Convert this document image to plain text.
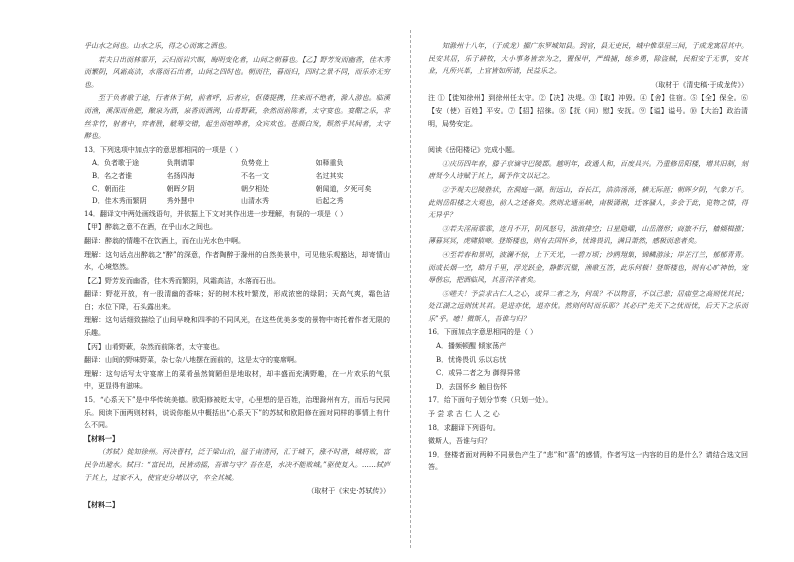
乎山水之间也。山水之乐，得之心而寓之酒也。
若夫日出而林霏开，云归而岩穴暝，晦明变化者，山间之朝暮也。【乙】野芳发而幽香，佳木秀而繁阴，风霜高洁，水落而石出者，山间之四时也。朝而往，暮而归，四时之景不同，而乐亦无穷也。
至于负者歌于途，行者休于树，前者呼，后者应，伛偻提携，往来而不绝者，滁人游也。临溪而渔，溪深而鱼肥，酿泉为酒，泉香而酒洌，山肴野蔌，杂然而前陈者，太守宴也。宴酣之乐，非丝非竹，射者中，弈者胜，觥筹交错，起坐而喧哗者，众宾欢也。苍颜白发，颓然乎其间者，太守醉也。
13．下列选项中加点字的意思都相同的一项是（ ）
A．负者歌于途	负荆请罪	负势竞上	如释重负
B．名之者谁	名扬四海	不名一文	名过其实
C．朝而往	朝晖夕阴	朝夕相处	朝闻道，夕死可矣
D．佳木秀而繁阴	秀外慧中	山清水秀	后起之秀
14．翻译文中两处画线语句，并依据上下文对其作出进一步理解，有误的一项是（ ）
【甲】醉翁之意不在酒，在乎山水之间也。
翻译：醉翁的情趣不在饮酒上，而在山光水色中啊。
理解：这句话点出醉翁之“醉”的深意，作者陶醉于滁州的自然美景中，可见他乐观豁达，却寄情山水，心境悠然。
【乙】野芳发而幽香，佳木秀而繁阴，风霜高洁，水落而石出。
翻译：野花开放，有一股清幽的香味；好的树木枝叶繁茂，形成浓密的绿阴；天高气爽，霜色洁白；水位下降，石头露出来。
理解：这句话细致描绘了山间早晚和四季的不同风光，在这些优美多变的景物中寄托着作者无限的乐趣。
【丙】山肴野蔌，杂然而前陈者，太守宴也。
翻译：山间的野味野菜，杂七杂八地摆在面前的，这是太守的宴席啊。
理解：这句话写太守宴席上的菜肴虽然简陋但是地取材，却丰盛而充满野趣，在一片欢乐的气氛中，更显得有滋味。
15．“心系天下”是中华传统美德。欧阳修被贬太守，心里想的是百姓，治理滁州有方，而后与民同乐。阅读下面两则材料，说说你能从中概括出“心系天下”的苏轼和欧阳修在面对同样的事情上有什么不同。
【材料一】
（苏轼）徙知徐州。河决曹村，泛于梁山泊，溢于南清河，汇于城下，涨不时泄，城将败，富民争出避水。轼曰：“富民出，民皆动摇，吾谁与守？吾在是，水决不能败城。”驱使复入。……轼庐于其上，过家不入，使官吏分堵以守，卒全其城。
（取材于《宋史·苏轼传》）
【材料二】
知滁州十八年，（于成龙）擢广东罗城知县。到官，县无吏民，城中惟草屋三间，于成龙寓居其中。民安其居，乐于耕牧，大小事务皆亲为之，置保甲，严缉捕，练乡勇，除盗贼，民相安于无事，安其业，凡所兴革，上官皆如所请，民益乐之。
（取材于《清史稿·于成龙传》）
注 ①【徙知徐州】到徐州任太守。②【决】决堤。③【取】冲毁。④【舍】住宿。⑤【全】保全。⑥【安（使）百姓】平安。⑦【招】招徕。⑧【抚（问）慰】安抚。⑨【谥】谥号。⑩【大治】政治清明，局势安定。
阅读《岳阳楼记》完成小题。
①庆历四年春，滕子京谪守巴陵郡。越明年，政通人和，百废具兴。乃重修岳阳楼，增其旧制，刻唐贤今人诗赋于其上，属予作文以记之。
②予观夫巴陵胜状，在洞庭一湖。衔远山，吞长江，浩浩汤汤，横无际涯；朝晖夕阴，气象万千。此则岳阳楼之大观也，前人之述备矣。然则北通巫峡，南极潇湘，迁客骚人，多会于此，览物之情，得无异乎？
③若夫淫雨霏霏，连月不开，阴风怒号，浊浪排空；日星隐曜，山岳潜形；商旅不行，樯倾楫摧；薄暮冥冥，虎啸猿啼。登斯楼也，则有去国怀乡，忧谗畏讥，满目萧然，感极而悲者矣。
④至若春和景明，波澜不惊，上下天光，一碧万顷；沙鸥翔集，锦鳞游泳；岸芷汀兰，郁郁青青。而或长烟一空，皓月千里，浮光跃金，静影沉璧，渔歌互答，此乐何极！登斯楼也，则有心旷神怡，宠辱偕忘，把酒临风，其喜洋洋者矣。
⑤嗟夫！予尝求古仁人之心，或异二者之为，何哉？不以物喜，不以己悲；居庙堂之高则忧其民；处江湖之远则忧其君。是进亦忧，退亦忧。然则何时而乐耶？其必曰“先天下之忧而忧，后天下之乐而乐”乎。噫！微斯人，吾谁与归？
16．下面加点字意思相同的是（ ）
A．播频顿醒 倾家荡产
B．忧谗畏讥 乐以忘忧
C．或异二者之为 御得异常
D．去国怀乡 触目伤怀
17．给下面句子划分节奏（只划一处）。
予 尝 求 古 仁 人 之 心
18．求翻译下列语句。
微斯人，吾谁与归？
19．登楼者面对两种不同景色产生了“悲”和“喜”的感情，作者写这一内容的目的是什么？请结合选文回答。
